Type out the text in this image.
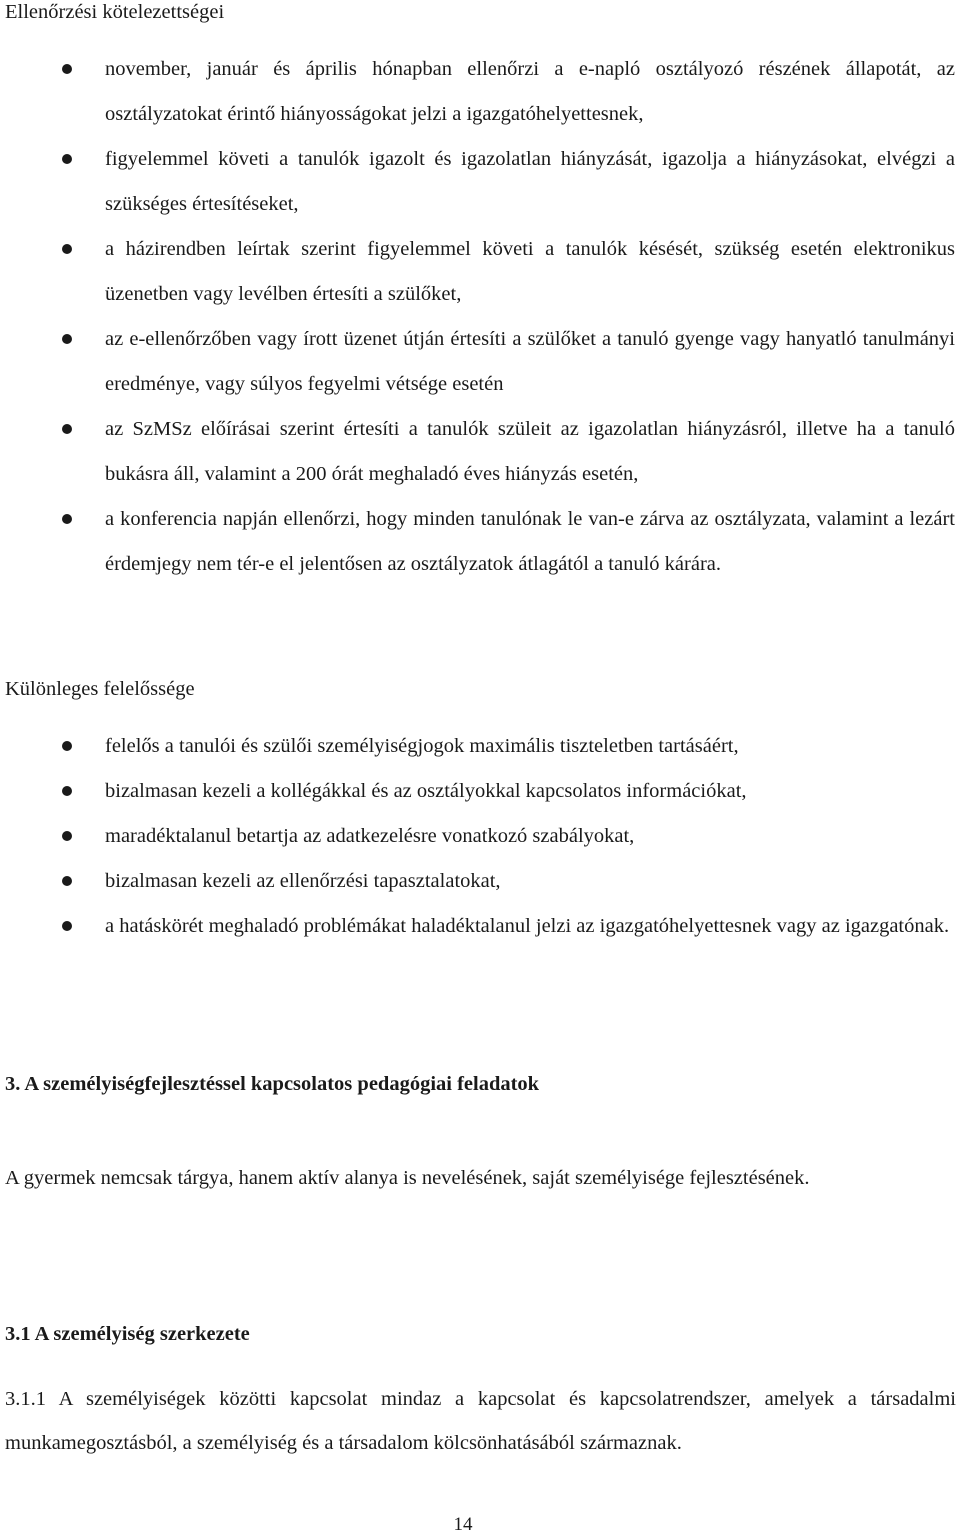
Ellenőrzési kötelezettségei
november, január és április hónapban ellenőrzi a e-napló osztályozó részének állapotát, az osztályzatokat érintő hiányosságokat jelzi a igazgatóhelyettesnek,
figyelemmel követi a tanulók igazolt és igazolatlan hiányzását, igazolja a hiányzásokat, elvégzi a szükséges értesítéseket,
a házirendben leírtak szerint figyelemmel követi a tanulók késését, szükség esetén elektronikus üzenetben vagy levélben értesíti a szülőket,
az e-ellenőrzőben vagy írott üzenet útján értesíti a szülőket a tanuló gyenge vagy hanyatló tanulmányi eredménye, vagy súlyos fegyelmi vétsége esetén
az SzMSz előírásai szerint értesíti a tanulók szüleit az igazolatlan hiányzásról, illetve ha a tanuló bukásra áll, valamint a 200 órát meghaladó éves hiányzás esetén,
a konferencia napján ellenőrzi, hogy minden tanulónak le van-e zárva az osztályzata, valamint a lezárt érdemjegy nem tér-e el jelentősen az osztályzatok átlagától a tanuló kárára.
Különleges felelőssége
felelős a tanulói és szülői személyiségjogok maximális tiszteletben tartásáért,
bizalmasan kezeli a kollégákkal és az osztályokkal kapcsolatos információkat,
maradéktalanul betartja az adatkezelésre vonatkozó szabályokat,
bizalmasan kezeli az ellenőrzési tapasztalatokat,
a hatáskörét meghaladó problémákat haladéktalanul jelzi az igazgatóhelyettesnek vagy az igazgatónak.
3. A személyiségfejlesztéssel kapcsolatos pedagógiai feladatok

A gyermek nemcsak tárgya, hanem aktív alanya is nevelésének, saját személyisége fejlesztésének.

3.1 A személyiség szerkezete

3.1.1 A személyiségek közötti kapcsolat mindaz a kapcsolat és kapcsolatrendszer, amelyek a társadalmi munkamegosztásból, a személyiség és a társadalom kölcsönhatásából származnak.

14
